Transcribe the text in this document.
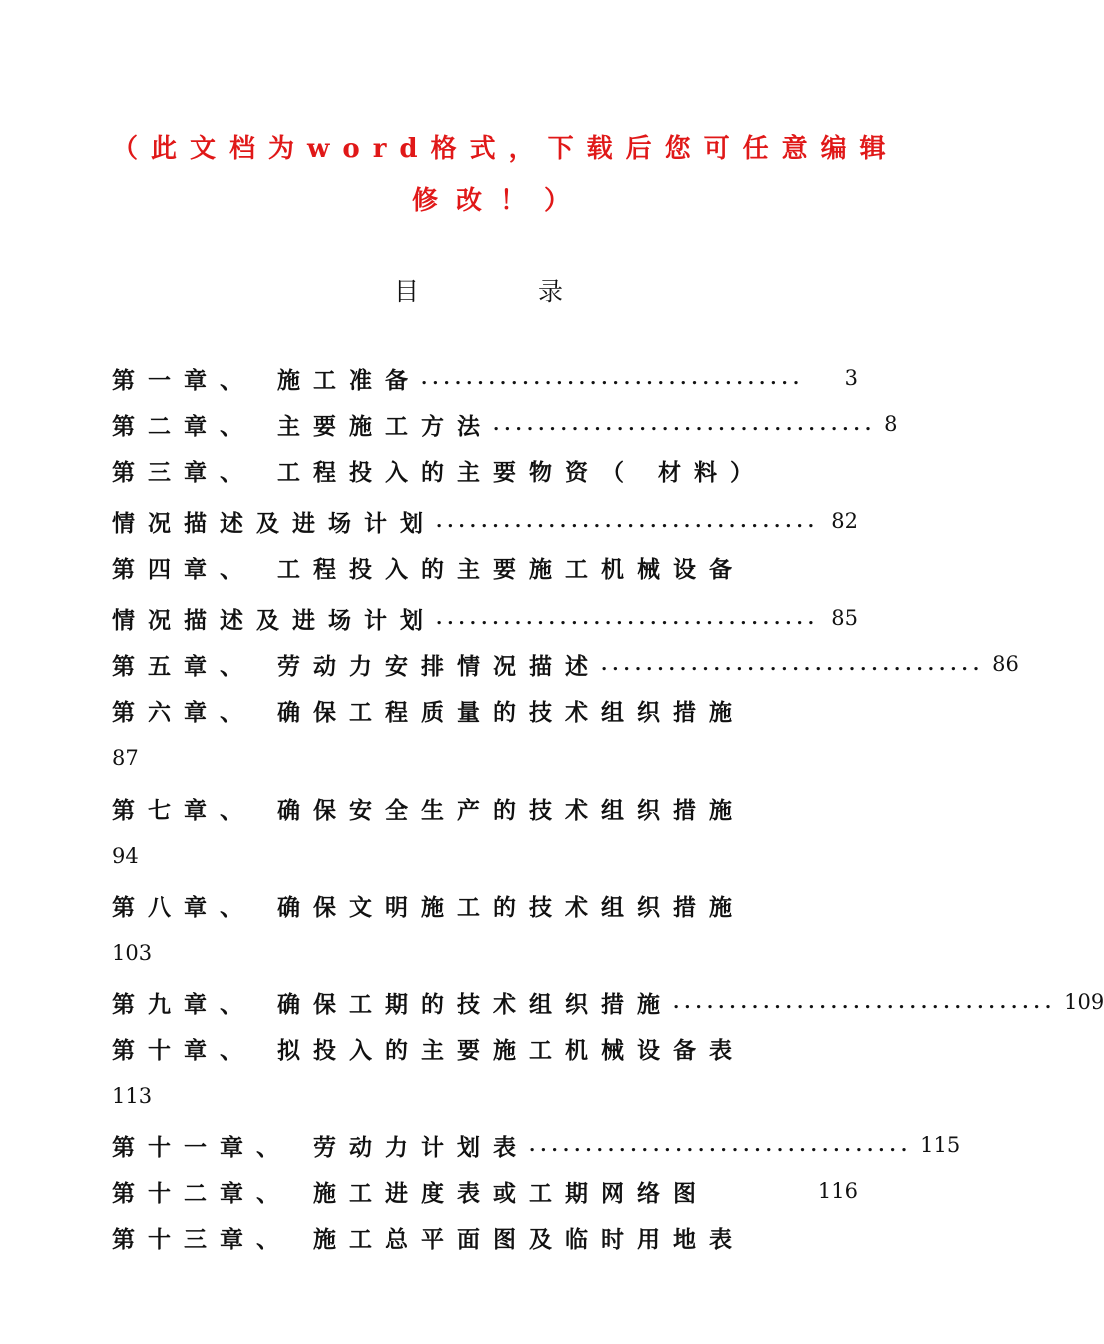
（此文档为word格式，下载后您可任意编辑
修改！）
目	录
第一章、 施工准备 ..................................	3
第二章、 主要施工方法 .................................. 8
第三章、 工程投入的主要物资（ 材料）
情况描述及进场计划 .................................. 82
第四章、 工程投入的主要施工机械设备
情况描述及进场计划 .................................. 85
第五章、 劳动力安排情况描述 .................................. 86
第六章、 确保工程质量的技术组织措施
87
第七章、 确保安全生产的技术组织措施
94
第八章、 确保文明施工的技术组织措施
103
第九章、 确保工期的技术组织措施 .................................. 109
第十章、 拟投入的主要施工机械设备表
113
第十一章、 劳动力计划表 .................................. 115
第十二章、 施工进度表或工期网络图	116
第十三章、 施工总平面图及临时用地表
